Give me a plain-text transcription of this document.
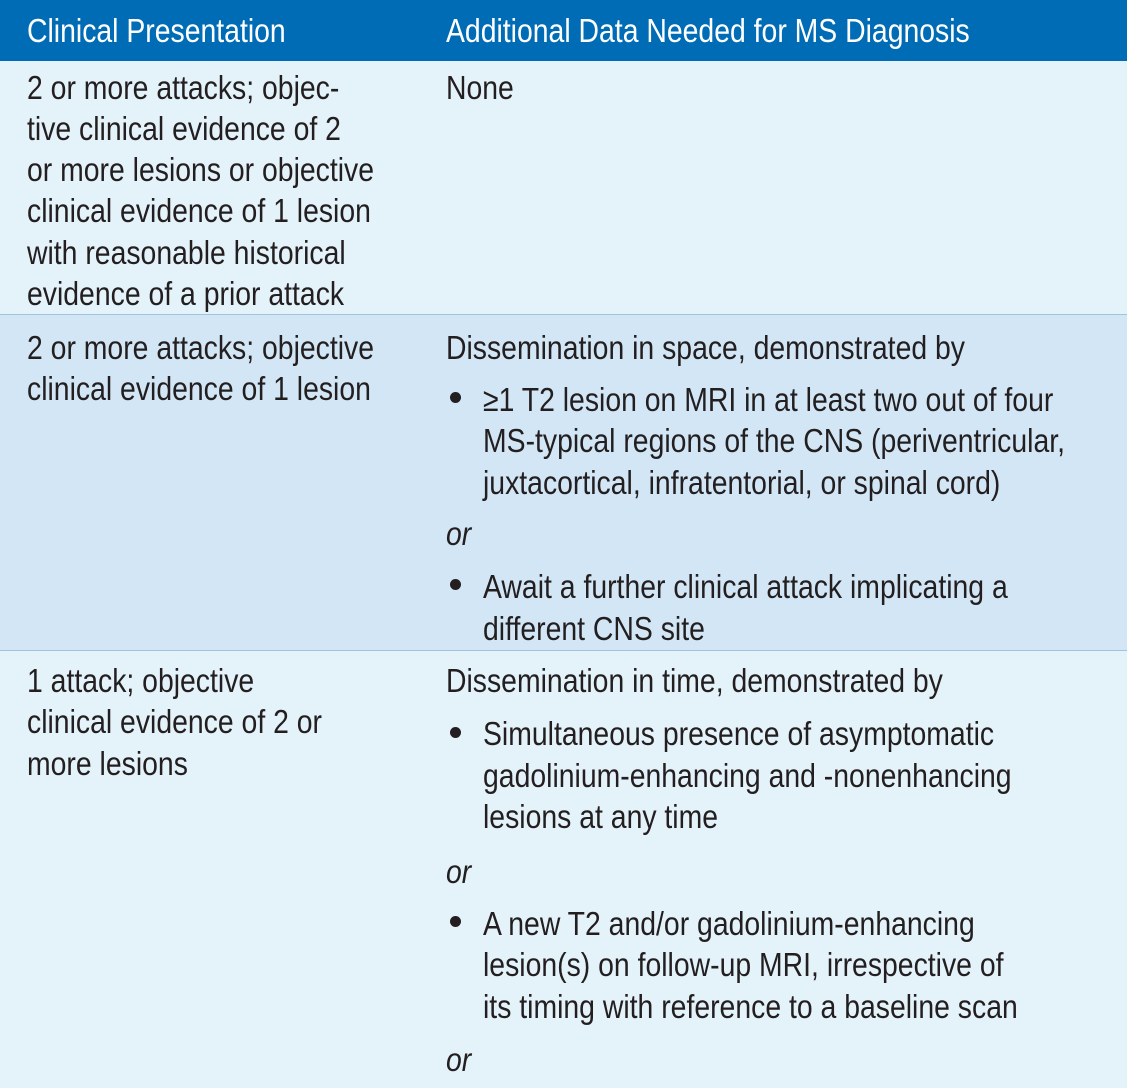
Clinical Presentation	Additional Data Needed for MS Diagnosis
2 or more attacks; objec-
tive clinical evidence of 2
or more lesions or objective
clinical evidence of 1 lesion
with reasonable historical
evidence of a prior attack
None
2 or more attacks; objective
clinical evidence of 1 lesion
Dissemination in space, demonstrated by
≥1 T2 lesion on MRI in at least two out of four
MS-typical regions of the CNS (periventricular,
juxtacortical, infratentorial, or spinal cord)
or
Await a further clinical attack implicating a
different CNS site
1 attack; objective
clinical evidence of 2 or
more lesions
Dissemination in time, demonstrated by
Simultaneous presence of asymptomatic
gadolinium-enhancing and -nonenhancing
lesions at any time
or
A new T2 and/or gadolinium-enhancing
lesion(s) on follow-up MRI, irrespective of
its timing with reference to a baseline scan
or
